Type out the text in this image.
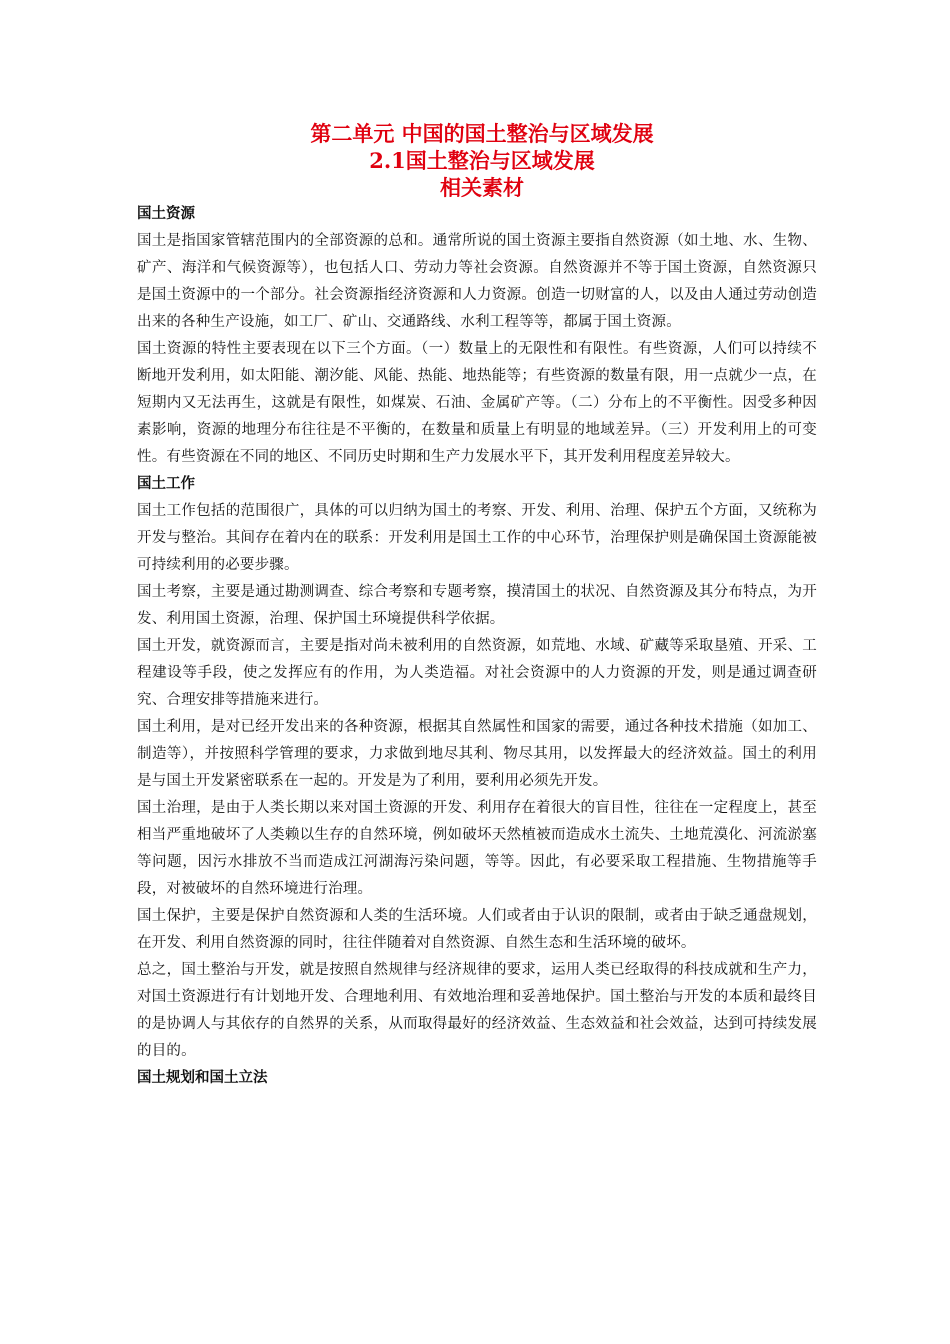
第二单元 中国的国土整治与区域发展
2.1国土整治与区域发展
相关素材
国土资源

国土是指国家管辖范围内的全部资源的总和。通常所说的国土资源主要指自然资源（如土地、水、生物、矿产、海洋和气候资源等），也包括人口、劳动力等社会资源。自然资源并不等于国土资源，自然资源只是国土资源中的一个部分。社会资源指经济资源和人力资源。创造一切财富的人，以及由人通过劳动创造出来的各种生产设施，如工厂、矿山、交通路线、水利工程等等，都属于国土资源。

国土资源的特性主要表现在以下三个方面。（一）数量上的无限性和有限性。有些资源，人们可以持续不断地开发利用，如太阳能、潮汐能、风能、热能、地热能等；有些资源的数量有限，用一点就少一点，在短期内又无法再生，这就是有限性，如煤炭、石油、金属矿产等。（二）分布上的不平衡性。因受多种因素影响，资源的地理分布往往是不平衡的，在数量和质量上有明显的地域差异。（三）开发利用上的可变性。有些资源在不同的地区、不同历史时期和生产力发展水平下，其开发利用程度差异较大。

国土工作

国土工作包括的范围很广，具体的可以归纳为国土的考察、开发、利用、治理、保护五个方面，又统称为开发与整治。其间存在着内在的联系：开发利用是国土工作的中心环节，治理保护则是确保国土资源能被可持续利用的必要步骤。

国土考察，主要是通过勘测调查、综合考察和专题考察，摸清国土的状况、自然资源及其分布特点，为开发、利用国土资源，治理、保护国土环境提供科学依据。

国土开发，就资源而言，主要是指对尚未被利用的自然资源，如荒地、水域、矿藏等采取垦殖、开采、工程建设等手段，使之发挥应有的作用，为人类造福。对社会资源中的人力资源的开发，则是通过调查研究、合理安排等措施来进行。

国土利用，是对已经开发出来的各种资源，根据其自然属性和国家的需要，通过各种技术措施（如加工、制造等），并按照科学管理的要求，力求做到地尽其利、物尽其用，以发挥最大的经济效益。国土的利用是与国土开发紧密联系在一起的。开发是为了利用，要利用必须先开发。

国土治理，是由于人类长期以来对国土资源的开发、利用存在着很大的盲目性，往往在一定程度上，甚至相当严重地破坏了人类赖以生存的自然环境，例如破坏天然植被而造成水土流失、土地荒漠化、河流淤塞等问题，因污水排放不当而造成江河湖海污染问题，等等。因此，有必要采取工程措施、生物措施等手段，对被破坏的自然环境进行治理。

国土保护，主要是保护自然资源和人类的生活环境。人们或者由于认识的限制，或者由于缺乏通盘规划，在开发、利用自然资源的同时，往往伴随着对自然资源、自然生态和生活环境的破坏。

总之，国土整治与开发，就是按照自然规律与经济规律的要求，运用人类已经取得的科技成就和生产力，对国土资源进行有计划地开发、合理地利用、有效地治理和妥善地保护。国土整治与开发的本质和最终目的是协调人与其依存的自然界的关系，从而取得最好的经济效益、生态效益和社会效益，达到可持续发展的目的。

国土规划和国土立法
